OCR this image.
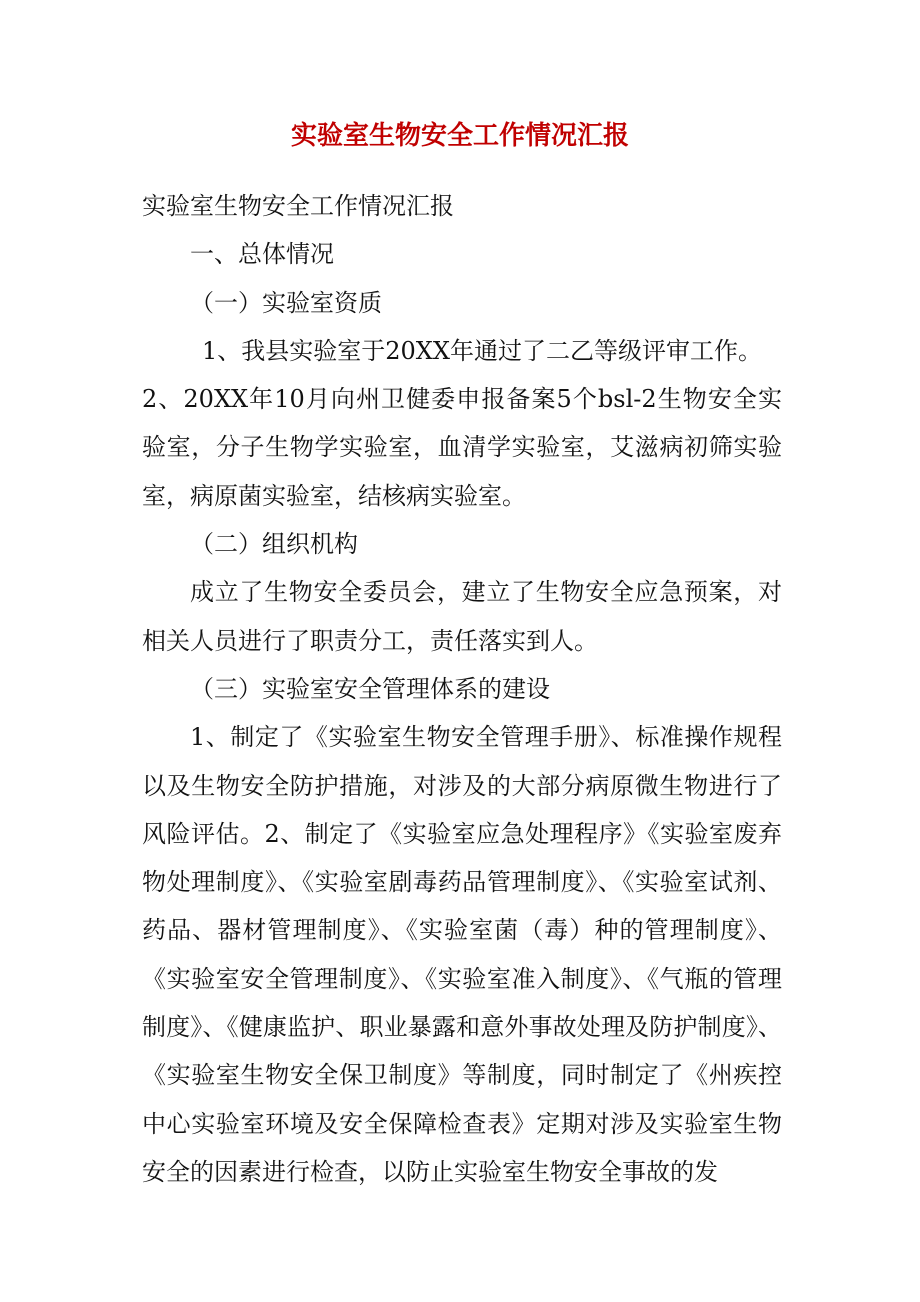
实验室生物安全工作情况汇报

实验室生物安全工作情况汇报

一、总体情况

（一）实验室资质

1、我县实验室于20XX年通过了二乙等级评审工作。

2、20XX年10月向州卫健委申报备案5个bsl-2生物安全实验室，分子生物学实验室，血清学实验室，艾滋病初筛实验室，病原菌实验室，结核病实验室。

（二）组织机构

成立了生物安全委员会，建立了生物安全应急预案，对相关人员进行了职责分工，责任落实到人。

（三）实验室安全管理体系的建设

1、制定了《实验室生物安全管理手册》、标准操作规程以及生物安全防护措施，对涉及的大部分病原微生物进行了风险评估。2、制定了《实验室应急处理程序》《实验室废弃物处理制度》、《实验室剧毒药品管理制度》、《实验室试剂、药品、器材管理制度》、《实验室菌（毒）种的管理制度》、《实验室安全管理制度》、《实验室准入制度》、《气瓶的管理制度》、《健康监护、职业暴露和意外事故处理及防护制度》、《实验室生物安全保卫制度》等制度，同时制定了《州疾控中心实验室环境及安全保障检查表》定期对涉及实验室生物安全的因素进行检查，以防止实验室生物安全事故的发
